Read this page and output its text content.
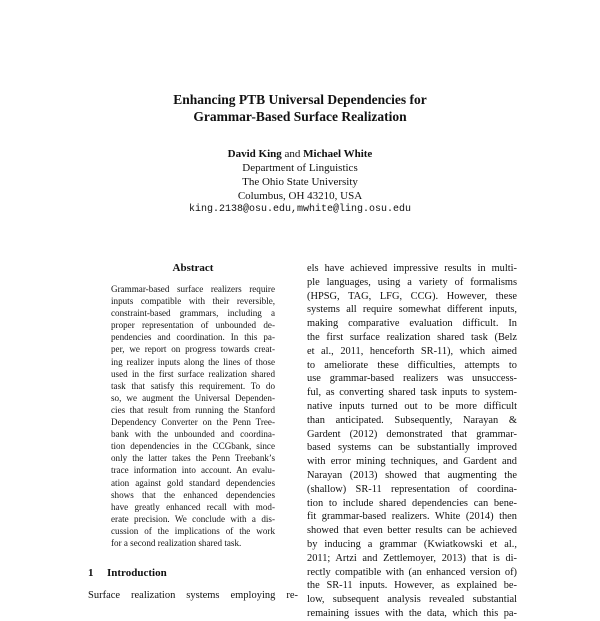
Enhancing PTB Universal Dependencies for
Grammar-Based Surface Realization
David King and Michael White
Department of Linguistics
The Ohio State University
Columbus, OH 43210, USA
king.2138@osu.edu,mwhite@ling.osu.edu
Abstract
Grammar-based surface realizers require
inputs compatible with their reversible,
constraint-based grammars, including a
proper representation of unbounded de-
pendencies and coordination. In this pa-
per, we report on progress towards creat-
ing realizer inputs along the lines of those
used in the first surface realization shared
task that satisfy this requirement. To do
so, we augment the Universal Dependen-
cies that result from running the Stanford
Dependency Converter on the Penn Tree-
bank with the unbounded and coordina-
tion dependencies in the CCGbank, since
only the latter takes the Penn Treebank’s
trace information into account. An evalu-
ation against gold standard dependencies
shows that the enhanced dependencies
have greatly enhanced recall with mod-
erate precision. We conclude with a dis-
cussion of the implications of the work
for a second realization shared task.
1 Introduction
Surface realization systems employing re-
els have achieved impressive results in multi-
ple languages, using a variety of formalisms
(HPSG, TAG, LFG, CCG). However, these
systems all require somewhat different inputs,
making comparative evaluation difficult. In
the first surface realization shared task (Belz
et al., 2011, henceforth SR-11), which aimed
to ameliorate these difficulties, attempts to
use grammar-based realizers was unsuccess-
ful, as converting shared task inputs to system-
native inputs turned out to be more difficult
than anticipated. Subsequently, Narayan &
Gardent (2012) demonstrated that grammar-
based systems can be substantially improved
with error mining techniques, and Gardent and
Narayan (2013) showed that augmenting the
(shallow) SR-11 representation of coordina-
tion to include shared dependencies can bene-
fit grammar-based realizers. White (2014) then
showed that even better results can be achieved
by inducing a grammar (Kwiatkowski et al.,
2011; Artzi and Zettlemoyer, 2013) that is di-
rectly compatible with (an enhanced version of)
the SR-11 inputs. However, as explained be-
low, subsequent analysis revealed substantial
remaining issues with the data, which this pa-
